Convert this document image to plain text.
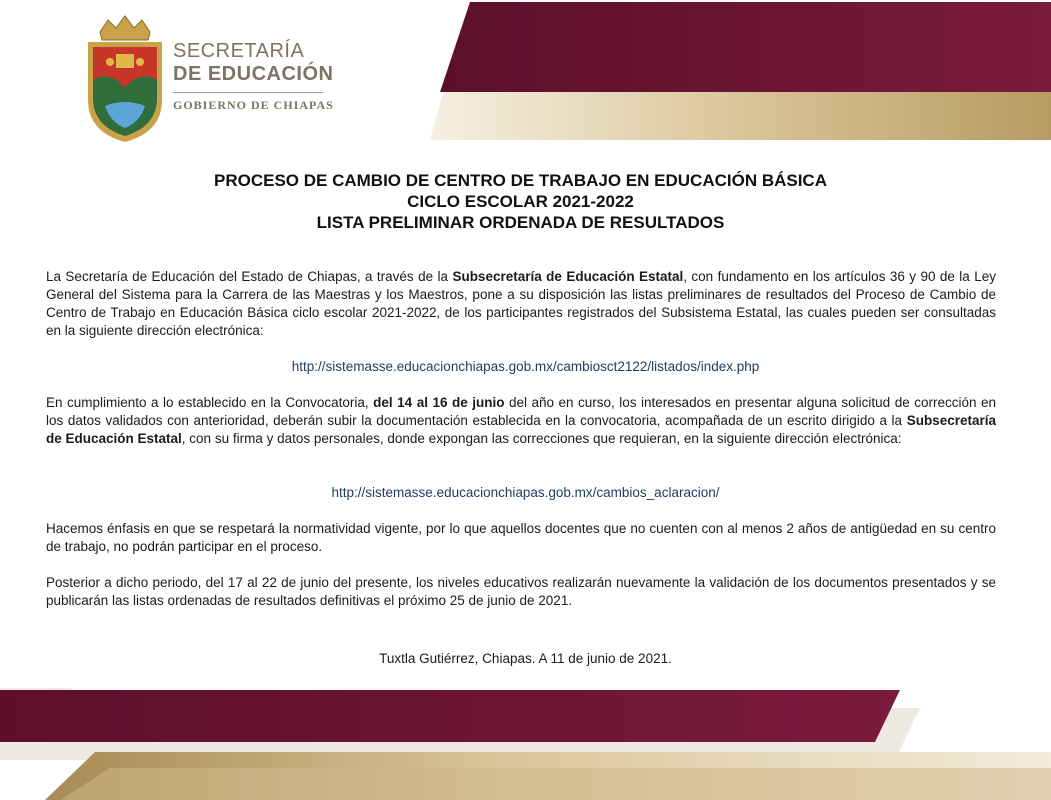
SECRETARÍA
DE EDUCACIÓN
GOBIERNO DE CHIAPAS
PROCESO DE CAMBIO DE CENTRO DE TRABAJO EN EDUCACIÓN BÁSICA
CICLO ESCOLAR 2021-2022
LISTA PRELIMINAR ORDENADA DE RESULTADOS
La Secretaría de Educación del Estado de Chiapas, a través de la Subsecretaría de Educación Estatal, con fundamento en los artículos 36 y 90 de la Ley General del Sistema para la Carrera de las Maestras y los Maestros, pone a su disposición las listas preliminares de resultados del Proceso de Cambio de Centro de Trabajo en Educación Básica ciclo escolar 2021-2022, de los participantes registrados del Subsistema Estatal, las cuales pueden ser consultadas en la siguiente dirección electrónica:
http://sistemasse.educacionchiapas.gob.mx/cambiosct2122/listados/index.php
En cumplimiento a lo establecido en la Convocatoria, del 14 al 16 de junio del año en curso, los interesados en presentar alguna solicitud de corrección en los datos validados con anterioridad, deberán subir la documentación establecida en la convocatoria, acompañada de un escrito dirigido a la Subsecretaría de Educación Estatal, con su firma y datos personales, donde expongan las correcciones que requieran, en la siguiente dirección electrónica:
http://sistemasse.educacionchiapas.gob.mx/cambios_aclaracion/
Hacemos énfasis en que se respetará la normatividad vigente, por lo que aquellos docentes que no cuenten con al menos 2 años de antigüedad en su centro de trabajo, no podrán participar en el proceso.
Posterior a dicho periodo, del 17 al 22 de junio del presente, los niveles educativos realizarán nuevamente la validación de los documentos presentados y se publicarán las listas ordenadas de resultados definitivas el próximo 25 de junio de 2021.
Tuxtla Gutiérrez, Chiapas. A 11 de junio de 2021.
